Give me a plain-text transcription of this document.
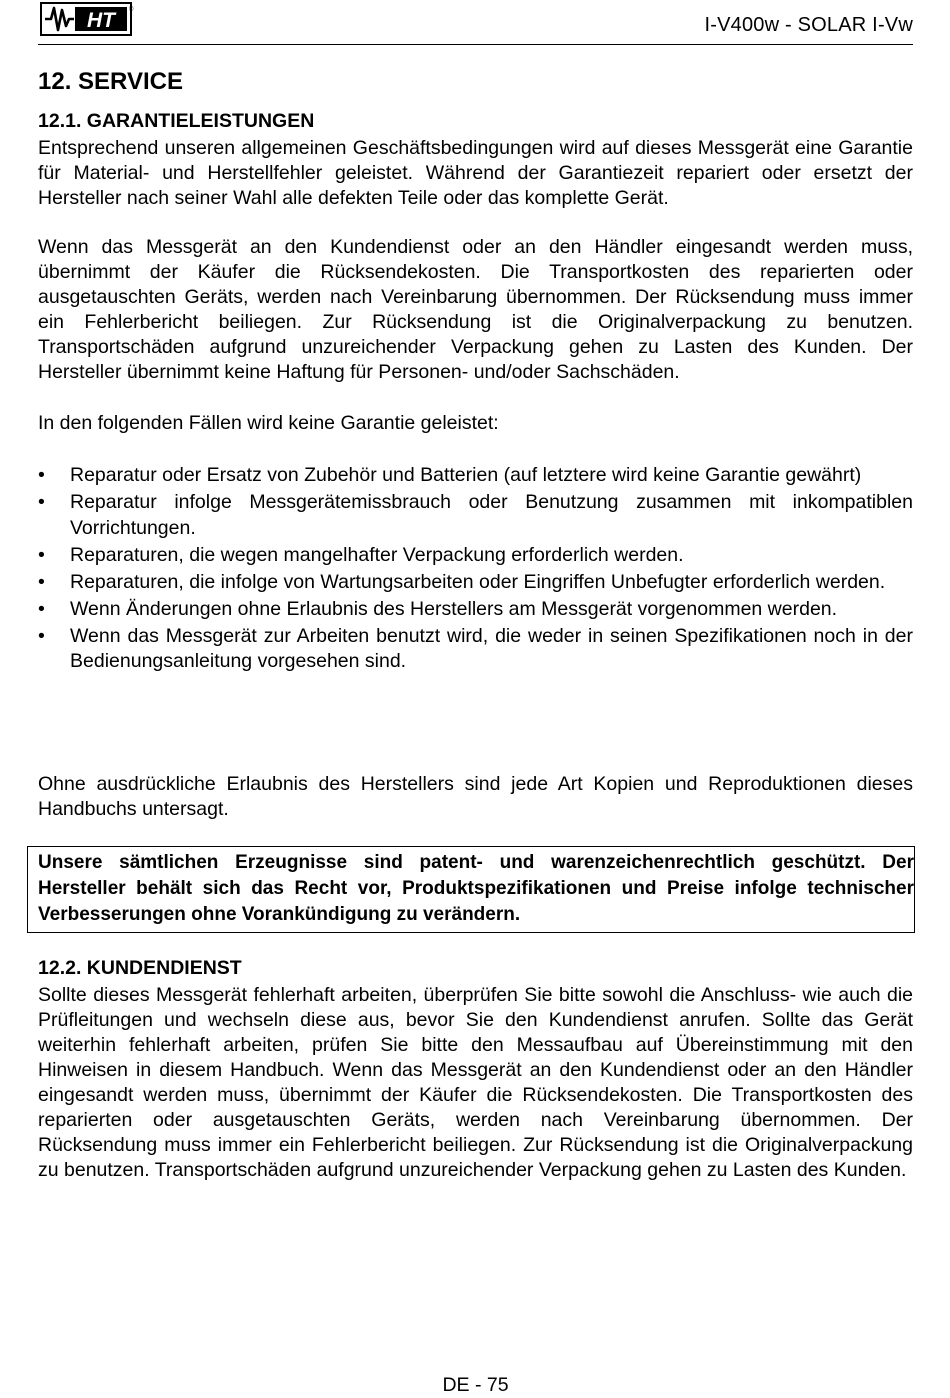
HT	®
I-V400w - SOLAR I-Vw
12. SERVICE
12.1. GARANTIELEISTUNGEN
Entsprechend unseren allgemeinen Geschäftsbedingungen wird auf dieses Messgerät eine Garantie für Material- und Herstellfehler geleistet. Während der Garantiezeit repariert oder ersetzt der Hersteller nach seiner Wahl alle defekten Teile oder das komplette Gerät.
Wenn das Messgerät an den Kundendienst oder an den Händler eingesandt werden muss, übernimmt der Käufer die Rücksendekosten. Die Transportkosten des reparierten oder ausgetauschten Geräts, werden nach Vereinbarung übernommen. Der Rücksendung muss immer ein Fehlerbericht beiliegen. Zur Rücksendung ist die Originalverpackung zu benutzen. Transportschäden aufgrund unzureichender Verpackung gehen zu Lasten des Kunden. Der Hersteller übernimmt keine Haftung für Personen- und/oder Sachschäden.
In den folgenden Fällen wird keine Garantie geleistet:
• Reparatur oder Ersatz von Zubehör und Batterien (auf letztere wird keine Garantie gewährt)
• Reparatur infolge Messgerätemissbrauch oder Benutzung zusammen mit inkompatiblen Vorrichtungen.
• Reparaturen, die wegen mangelhafter Verpackung erforderlich werden.
• Reparaturen, die infolge von Wartungsarbeiten oder Eingriffen Unbefugter erforderlich werden.
• Wenn Änderungen ohne Erlaubnis des Herstellers am Messgerät vorgenommen werden.
• Wenn das Messgerät zur Arbeiten benutzt wird, die weder in seinen Spezifikationen noch in der Bedienungsanleitung vorgesehen sind.
Ohne ausdrückliche Erlaubnis des Herstellers sind jede Art Kopien und Reproduktionen dieses Handbuchs untersagt.
Unsere sämtlichen Erzeugnisse sind patent- und warenzeichenrechtlich geschützt. Der Hersteller behält sich das Recht vor, Produktspezifikationen und Preise infolge technischer Verbesserungen ohne Vorankündigung zu verändern.
12.2. KUNDENDIENST
Sollte dieses Messgerät fehlerhaft arbeiten, überprüfen Sie bitte sowohl die Anschluss- wie auch die Prüfleitungen und wechseln diese aus, bevor Sie den Kundendienst anrufen. Sollte das Gerät weiterhin fehlerhaft arbeiten, prüfen Sie bitte den Messaufbau auf Übereinstimmung mit den Hinweisen in diesem Handbuch. Wenn das Messgerät an den Kundendienst oder an den Händler eingesandt werden muss, übernimmt der Käufer die Rücksendekosten. Die Transportkosten des reparierten oder ausgetauschten Geräts, werden nach Vereinbarung übernommen. Der Rücksendung muss immer ein Fehlerbericht beiliegen. Zur Rücksendung ist die Originalverpackung zu benutzen. Transportschäden aufgrund unzureichender Verpackung gehen zu Lasten des Kunden.
DE - 75
